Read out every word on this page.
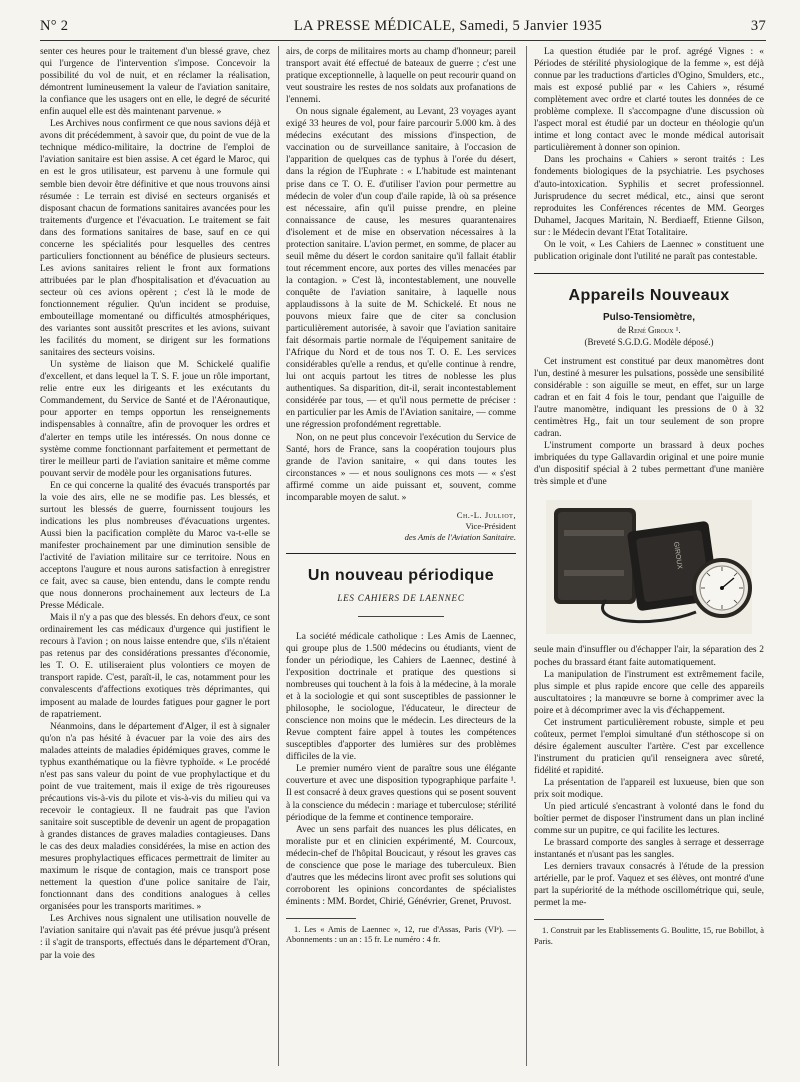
N° 2	LA PRESSE MÉDICALE, Samedi, 5 Janvier 1935	37

senter ces heures pour le traitement d'un blessé grave, chez qui l'urgence de l'intervention s'impose. Concevoir la possibilité du vol de nuit, et en réclamer la réalisation, démontrent lumineusement la valeur de l'aviation sanitaire, la confiance que les usagers ont en elle, le degré de sécurité enfin auquel elle est dès maintenant parvenue. »

Les Archives nous confirment ce que nous savions déjà et avons dit précédemment, à savoir que, du point de vue de la technique médico-militaire, la doctrine de l'emploi de l'aviation sanitaire est bien assise. A cet égard le Maroc, qui en est le gros utilisateur, est parvenu à une formule qui semble bien devoir être définitive et que nous trouvons ainsi résumée : Le terrain est divisé en secteurs organisés et disposant chacun de formations sanitaires avancées pour les traitements d'urgence et l'évacuation. Le traitement se fait dans des formations sanitaires de base, sauf en ce qui concerne les spécialités pour lesquelles des centres particuliers fonctionnent au bénéfice de plusieurs secteurs. Les avions sanitaires relient le front aux formations attribuées par le plan d'hospitalisation et d'évacuation au secteur où ces avions opèrent ; c'est là le mode de fonctionnement régulier. Qu'un incident se produise, embouteillage momentané ou difficultés atmosphériques, des variantes sont aussitôt prescrites et les avions, suivant les facilités du moment, se dirigent sur les formations sanitaires des secteurs voisins.

Un système de liaison que M. Schickelé qualifie d'excellent, et dans lequel la T. S. F. joue un rôle important, relie entre eux les dirigeants et les exécutants du Commandement, du Service de Santé et de l'Aéronautique, pour apporter en temps opportun les renseignements indispensables à connaître, afin de provoquer les ordres et d'alerter en temps utile les intéressés. On nous donne ce système comme fonctionnant parfaitement et permettant de tirer le meilleur parti de l'aviation sanitaire et même comme pouvant servir de modèle pour les organisations futures.

En ce qui concerne la qualité des évacués transportés par la voie des airs, elle ne se modifie pas. Les blessés, et surtout les blessés de guerre, fournissent toujours les indications les plus nombreuses d'évacuations urgentes. Aussi bien la pacification complète du Maroc va-t-elle se manifester prochainement par une diminution sensible de l'activité de l'aviation militaire sur ce territoire. Nous en acceptons l'augure et nous aurons satisfaction à enregistrer ce fait, avec sa cause, bien entendu, dans le compte rendu que nous donnerons prochainement aux lecteurs de La Presse Médicale.

Mais il n'y a pas que des blessés. En dehors d'eux, ce sont ordinairement les cas médicaux d'urgence qui justifient le recours à l'avion ; on nous laisse entendre que, s'ils n'étaient pas retenus par des considérations pressantes d'économie, les T. O. E. utiliseraient plus volontiers ce moyen de transport rapide. C'est, paraît-il, le cas, notamment pour les convalescents d'affections exotiques très déprimantes, qui imposent au malade de lourdes fatigues pour gagner le port de rapatriement.

Néanmoins, dans le département d'Alger, il est à signaler qu'on n'a pas hésité à évacuer par la voie des airs des malades atteints de maladies épidémiques graves, comme le typhus exanthématique ou la fièvre typhoïde. « Le procédé n'est pas sans valeur du point de vue prophylactique et du point de vue traitement, mais il exige de très rigoureuses précautions vis-à-vis du pilote et vis-à-vis du milieu qui va recevoir le contagieux. Il ne faudrait pas que l'avion sanitaire soit susceptible de devenir un agent de propagation à grandes distances de graves maladies contagieuses. Dans le cas des deux maladies considérées, la mise en action des mesures prophylactiques efficaces permettrait de limiter au maximum le risque de contagion, mais ce transport pose nettement la question d'une police sanitaire de l'air, fonctionnant dans des conditions analogues à celles organisées pour les transports maritimes. »

Les Archives nous signalent une utilisation nouvelle de l'aviation sanitaire qui n'avait pas été prévue jusqu'à présent : il s'agit de transports, effectués dans le département d'Oran, par la voie des

airs, de corps de militaires morts au champ d'honneur; pareil transport avait été effectué de bateaux de guerre ; c'est une pratique exceptionnelle, à laquelle on peut recourir quand on veut soustraire les restes de nos soldats aux profanations de l'ennemi.

On nous signale également, au Levant, 23 voyages ayant exigé 33 heures de vol, pour faire parcourir 5.000 km. à des médecins exécutant des missions d'inspection, de vaccination ou de surveillance sanitaire, à l'occasion de l'apparition de quelques cas de typhus à l'orée du désert, dans la région de l'Euphrate : « L'habitude est maintenant prise dans ce T. O. E. d'utiliser l'avion pour permettre au médecin de voler d'un coup d'aile rapide, là où sa présence est nécessaire, afin qu'il puisse prendre, en pleine connaissance de cause, les mesures quarantenaires d'isolement et de mise en observation nécessaires à la protection sanitaire. L'avion permet, en somme, de placer au seuil même du désert le cordon sanitaire qu'il fallait établir tout récemment encore, aux portes des villes menacées par la contagion. » C'est là, incontestablement, une nouvelle conquête de l'aviation sanitaire, à laquelle nous applaudissons à la suite de M. Schickelé. Et nous ne pouvons mieux faire que de citer sa conclusion particulièrement autorisée, à savoir que l'aviation sanitaire fait désormais partie normale de l'équipement sanitaire de l'Afrique du Nord et de tous nos T. O. E. Les services considérables qu'elle a rendus, et qu'elle continue à rendre, lui ont acquis partout les titres de noblesse les plus authentiques. Sa disparition, dit-il, serait incontestablement considérée par tous, — et qu'il nous permette de préciser : en particulier par les Amis de l'Aviation sanitaire, — comme une régression profondément regrettable.

Non, on ne peut plus concevoir l'exécution du Service de Santé, hors de France, sans la coopération toujours plus grande de l'avion sanitaire, « qui dans toutes les circonstances » — et nous soulignons ces mots — « s'est affirmé comme un aide puissant et, souvent, comme incomparable moyen de salut. »

Ch.-L. Julliot,
Vice-Président
des Amis de l'Aviation Sanitaire.
Un nouveau périodique
LES CAHIERS DE LAENNEC

La société médicale catholique : Les Amis de Laennec, qui groupe plus de 1.500 médecins ou étudiants, vient de fonder un périodique, les Cahiers de Laennec, destiné à l'exposition doctrinale et pratique des questions si nombreuses qui touchent à la fois à la médecine, à la morale et à la sociologie et qui sont susceptibles de passionner le philosophe, le sociologue, l'éducateur, le directeur de conscience non moins que le médecin. Les directeurs de la Revue comptent faire appel à toutes les compétences susceptibles d'apporter des lumières sur des problèmes difficiles de la vie.

Le premier numéro vient de paraître sous une élégante couverture et avec une disposition typographique parfaite ¹. Il est consacré à deux graves questions qui se posent souvent à la conscience du médecin : mariage et tuberculose; stérilité périodique de la femme et continence temporaire.

Avec un sens parfait des nuances les plus délicates, en moraliste pur et en clinicien expérimenté, M. Courcoux, médecin-chef de l'hôpital Boucicaut, y résout les graves cas de conscience que pose le mariage des tuberculeux. Bien d'autres que les médecins liront avec profit ses solutions qui corroborent les opinions concordantes de spécialistes éminents : MM. Bordet, Chirié, Génévrier, Grenet, Pruvost.

1. Les « Amis de Laennec », 12, rue d'Assas, Paris (VIᵉ). — Abonnements : un an : 15 fr. Le numéro : 4 fr.

La question étudiée par le prof. agrégé Vignes : « Périodes de stérilité physiologique de la femme », est déjà connue par les traductions d'articles d'Ogino, Smulders, etc., mais est exposé publié par « les Cahiers », résumé complètement avec ordre et clarté toutes les données de ce problème complexe. Il s'accompagne d'une discussion où l'aspect moral est étudié par un docteur en théologie qu'un intime et long contact avec le monde médical autorisait particulièrement à donner son opinion.

Dans les prochains « Cahiers » seront traités : Les fondements biologiques de la psychiatrie. Les psychoses d'auto-intoxication. Syphilis et secret professionnel. Jurisprudence du secret médical, etc., ainsi que seront reproduites les Conférences récentes de MM. Georges Duhamel, Jacques Maritain, N. Berdiaeff, Etienne Gilson, sur : le Médecin devant l'Etat Totalitaire.

On le voit, « Les Cahiers de Laennec » constituent une publication originale dont l'utilité ne paraît pas contestable.

Appareils Nouveaux
Pulso-Tensiomètre,
de René Giroux ¹.
(Breveté S.G.D.G. Modèle déposé.)

Cet instrument est constitué par deux manomètres dont l'un, destiné à mesurer les pulsations, possède une sensibilité considérable : son aiguille se meut, en effet, sur un large cadran et en fait 4 fois le tour, pendant que l'aiguille de l'autre manomètre, indiquant les pressions de 0 à 32 centimètres Hg., fait un tour seulement de son propre cadran.

L'instrument comporte un brassard à deux poches imbriquées du type Gallavardin original et une poire munie d'un dispositif spécial à 2 tubes permettant d'une manière très simple et d'une

GIROUX

seule main d'insuffler ou d'échapper l'air, la séparation des 2 poches du brassard étant faite automatiquement.

La manipulation de l'instrument est extrêmement facile, plus simple et plus rapide encore que celle des appareils auscultatoires ; la manœuvre se borne à comprimer avec la poire et à décomprimer avec la vis d'échappement.

Cet instrument particulièrement robuste, simple et peu coûteux, permet l'emploi simultané d'un stéthoscope si on désire également ausculter l'artère. C'est par excellence l'instrument du praticien qu'il renseignera avec sûreté, fidélité et rapidité.

La présentation de l'appareil est luxueuse, bien que son prix soit modique.

Un pied articulé s'encastrant à volonté dans le fond du boîtier permet de disposer l'instrument dans un plan incliné comme sur un pupitre, ce qui facilite les lectures.

Le brassard comporte des sangles à serrage et desserrage instantanés et n'usant pas les sangles.

Les derniers travaux consacrés à l'étude de la pression artérielle, par le prof. Vaquez et ses élèves, ont montré d'une part la supériorité de la méthode oscillométrique qui, seule, permet la me-

1. Construit par les Etablissements G. Boulitte, 15, rue Bobillot, à Paris.
